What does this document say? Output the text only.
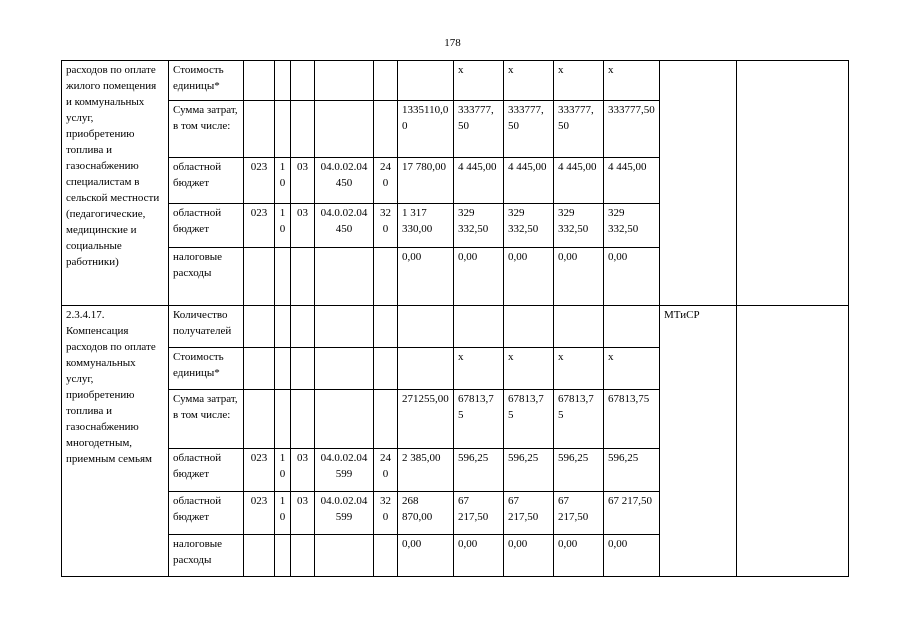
178
расходов по оплате жилого помещения и коммунальных услуг, приобретению топлива и газоснабжению специалистам в сельской местности (педагогические, медицинские и социальные работники)	Стоимость единицы*							х	х	х	х		
	Сумма затрат, в том числе:						1335110,00	333777,50	333777,50	333777,50	333777,50		
	областной бюджет	023	10	03	04.0.02.04450	240	17 780,00	4 445,00	4 445,00	4 445,00	4 445,00		
	областной бюджет	023	10	03	04.0.02.04450	320	1 317 330,00	329 332,50	329 332,50	329 332,50	329 332,50		
	налоговые расходы						0,00	0,00	0,00	0,00	0,00		
2.3.4.17. Компенсация расходов по оплате коммунальных услуг, приобретению топлива и газоснабжению многодетным, приемным семьям	Количество получателей											МТиСР	
	Стоимость единицы*							х	х	х	х		
	Сумма затрат, в том числе:						271255,00	67813,75	67813,75	67813,75	67813,75		
	областной бюджет	023	10	03	04.0.02.04599	240	2 385,00	596,25	596,25	596,25	596,25		
	областной бюджет	023	10	03	04.0.02.04599	320	268 870,00	67 217,50	67 217,50	67 217,50	67 217,50		
	налоговые расходы						0,00	0,00	0,00	0,00	0,00		
